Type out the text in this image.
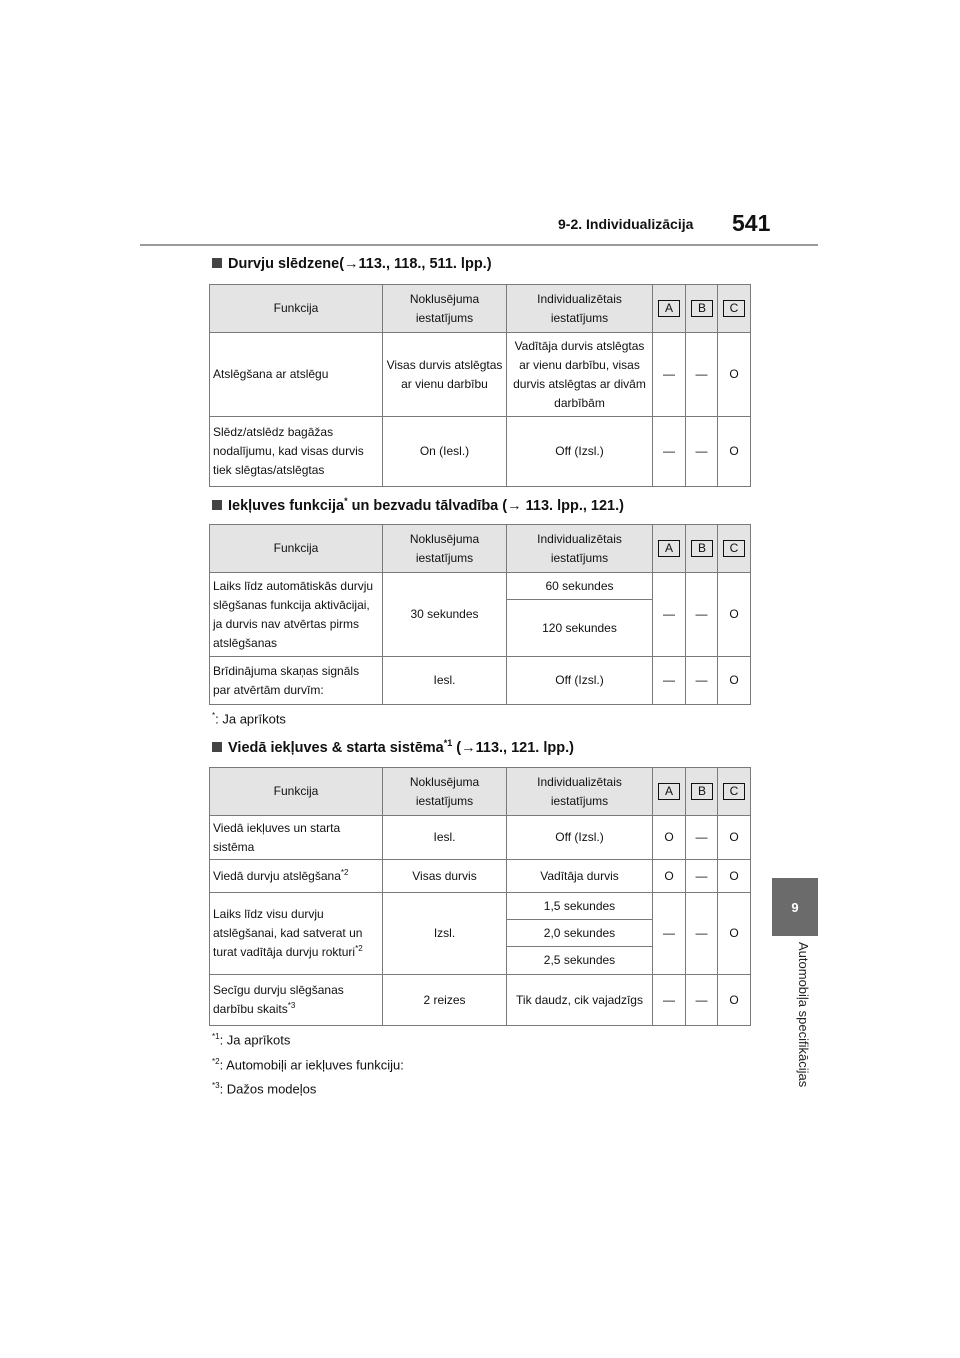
9-2. Individualizācija 541
9
Automobiļa specifikācijas
Durvju slēdzene(→113., 118., 511. lpp.)
Funkcija	Noklusējuma iestatījums	Individualizētais iestatījums	A	B	C
Atslēgšana ar atslēgu	Visas durvis atslēgtas ar vienu darbību	Vadītāja durvis atslēgtas ar vienu darbību, visas durvis atslēgtas ar divām darbībām	—	—	O
Slēdz/atslēdz bagāžas nodalījumu, kad visas durvis tiek slēgtas/atslēgtas	On (Iesl.)	Off (Izsl.)	—	—	O
Iekļuves funkcija* un bezvadu tālvadība (→ 113. lpp., 121.)
Funkcija	Noklusējuma iestatījums	Individualizētais iestatījums	A	B	C
Laiks līdz automātiskās durvju slēgšanas funkcija aktivācijai, ja durvis nav atvērtas pirms atslēgšanas	30 sekundes	60 sekundes	—	—	O
		120 sekundes			
Brīdinājuma skaņas signāls par atvērtām durvīm:	Iesl.	Off (Izsl.)	—	—	O
*: Ja aprīkots
Viedā iekļuves & starta sistēma$^{*1}$ (→113., 121. lpp.)
Funkcija	Noklusējuma iestatījums	Individualizētais iestatījums	A	B	C
Viedā iekļuves un starta sistēma	Iesl.	Off (Izsl.)	O	—	O
Viedā durvju atslēgšana$^{*2}$	Visas durvis	Vadītāja durvis	O	—	O
Laiks līdz visu durvju atslēgšanai, kad satverat un turat vadītāja durvju rokturi$^{*2}$	Izsl.	1,5 sekundes	—	—	O
		2,0 sekundes			
		2,5 sekundes			
Secīgu durvju slēgšanas darbību skaits$^{*3}$	2 reizes	Tik daudz, cik vajadzīgs	—	—	O
$^{*1}$: Ja aprīkots
$^{*2}$: Automobiļi ar iekļuves funkciju:
$^{*3}$: Dažos modeļos
